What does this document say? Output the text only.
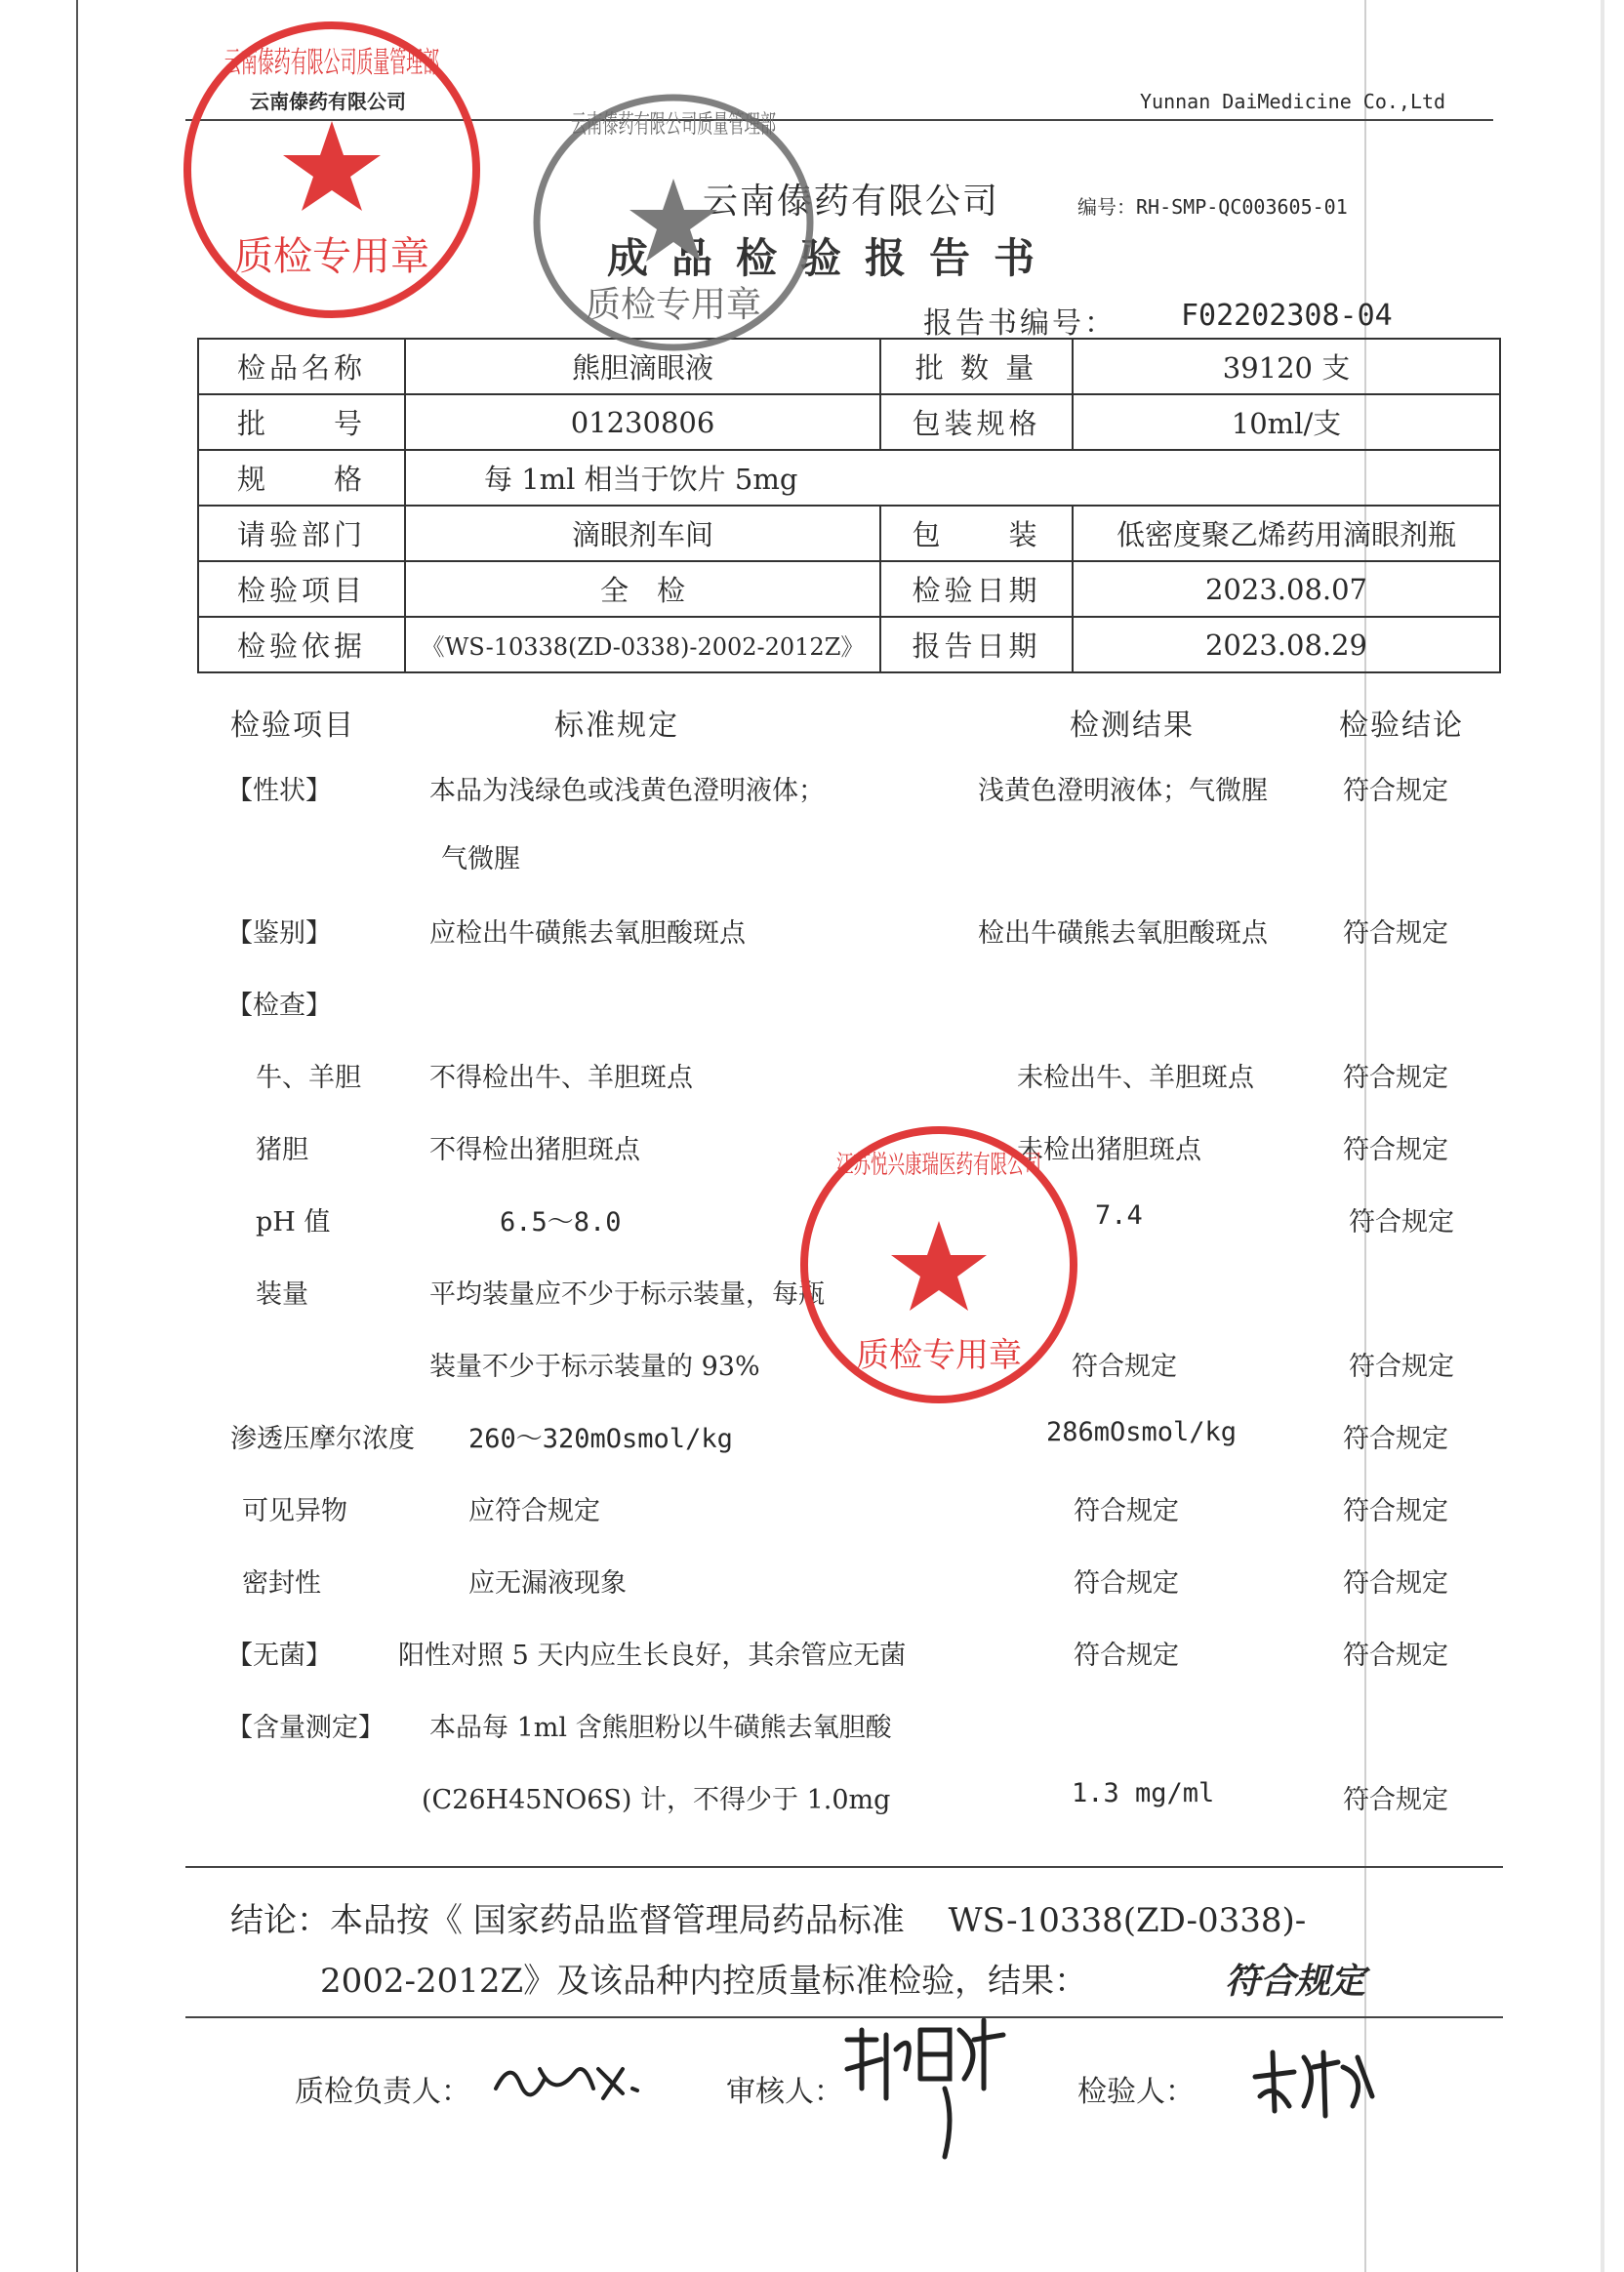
云南傣药有限公司	Yunnan DaiMedicine Co.,Ltd
云南傣药有限公司	编号：RH-SMP-QC003605-01
成品检验报告书
报告书编号： F02202308-04
检品名称	熊胆滴眼液	批 数 量	39120 支
批　　号	01230806	包装规格	10ml/支
规　　格	每 1ml 相当于饮片 5mg		
请验部门	滴眼剂车间	包　　装	低密度聚乙烯药用滴眼剂瓶
检验项目	全　检	检验日期	2023.08.07
检验依据	《WS-10338(ZD-0338)-2002-2012Z》	报告日期	2023.08.29
检验项目	标准规定	检测结果	检验结论
【性状】	本品为浅绿色或浅黄色澄明液体；	浅黄色澄明液体；气微腥	符合规定
气微腥
【鉴别】	应检出牛磺熊去氧胆酸斑点	检出牛磺熊去氧胆酸斑点	符合规定
【检查】
牛、羊胆	不得检出牛、羊胆斑点	未检出牛、羊胆斑点	符合规定
猪胆	不得检出猪胆斑点	未检出猪胆斑点	符合规定
pH 值	6.5～8.0	7.4	符合规定
装量	平均装量应不少于标示装量，每瓶
装量不少于标示装量的 93%	符合规定	符合规定
渗透压摩尔浓度 260～320mOsmol/kg	286mOsmol/kg	符合规定
可见异物	应符合规定	符合规定	符合规定
密封性	应无漏液现象	符合规定	符合规定
【无菌】	阳性对照 5 天内应生长良好，其余管应无菌	符合规定	符合规定
【含量测定】 本品每 1ml 含熊胆粉以牛磺熊去氧胆酸
(C26H45NO6S) 计，不得少于 1.0mg	1.3 mg/ml	符合规定
结论：本品按《 国家药品监督管理局药品标准　 WS-10338(ZD-0338)-
2002-2012Z》及该品种内控质量标准检验，结果：	符合规定
质检负责人：	审核人：	检验人：
云南傣药有限公司质量管理部
质检专用章
云南傣药有限公司质量管理部
质检专用章
江苏悦兴康瑞医药有限公司
质检专用章
